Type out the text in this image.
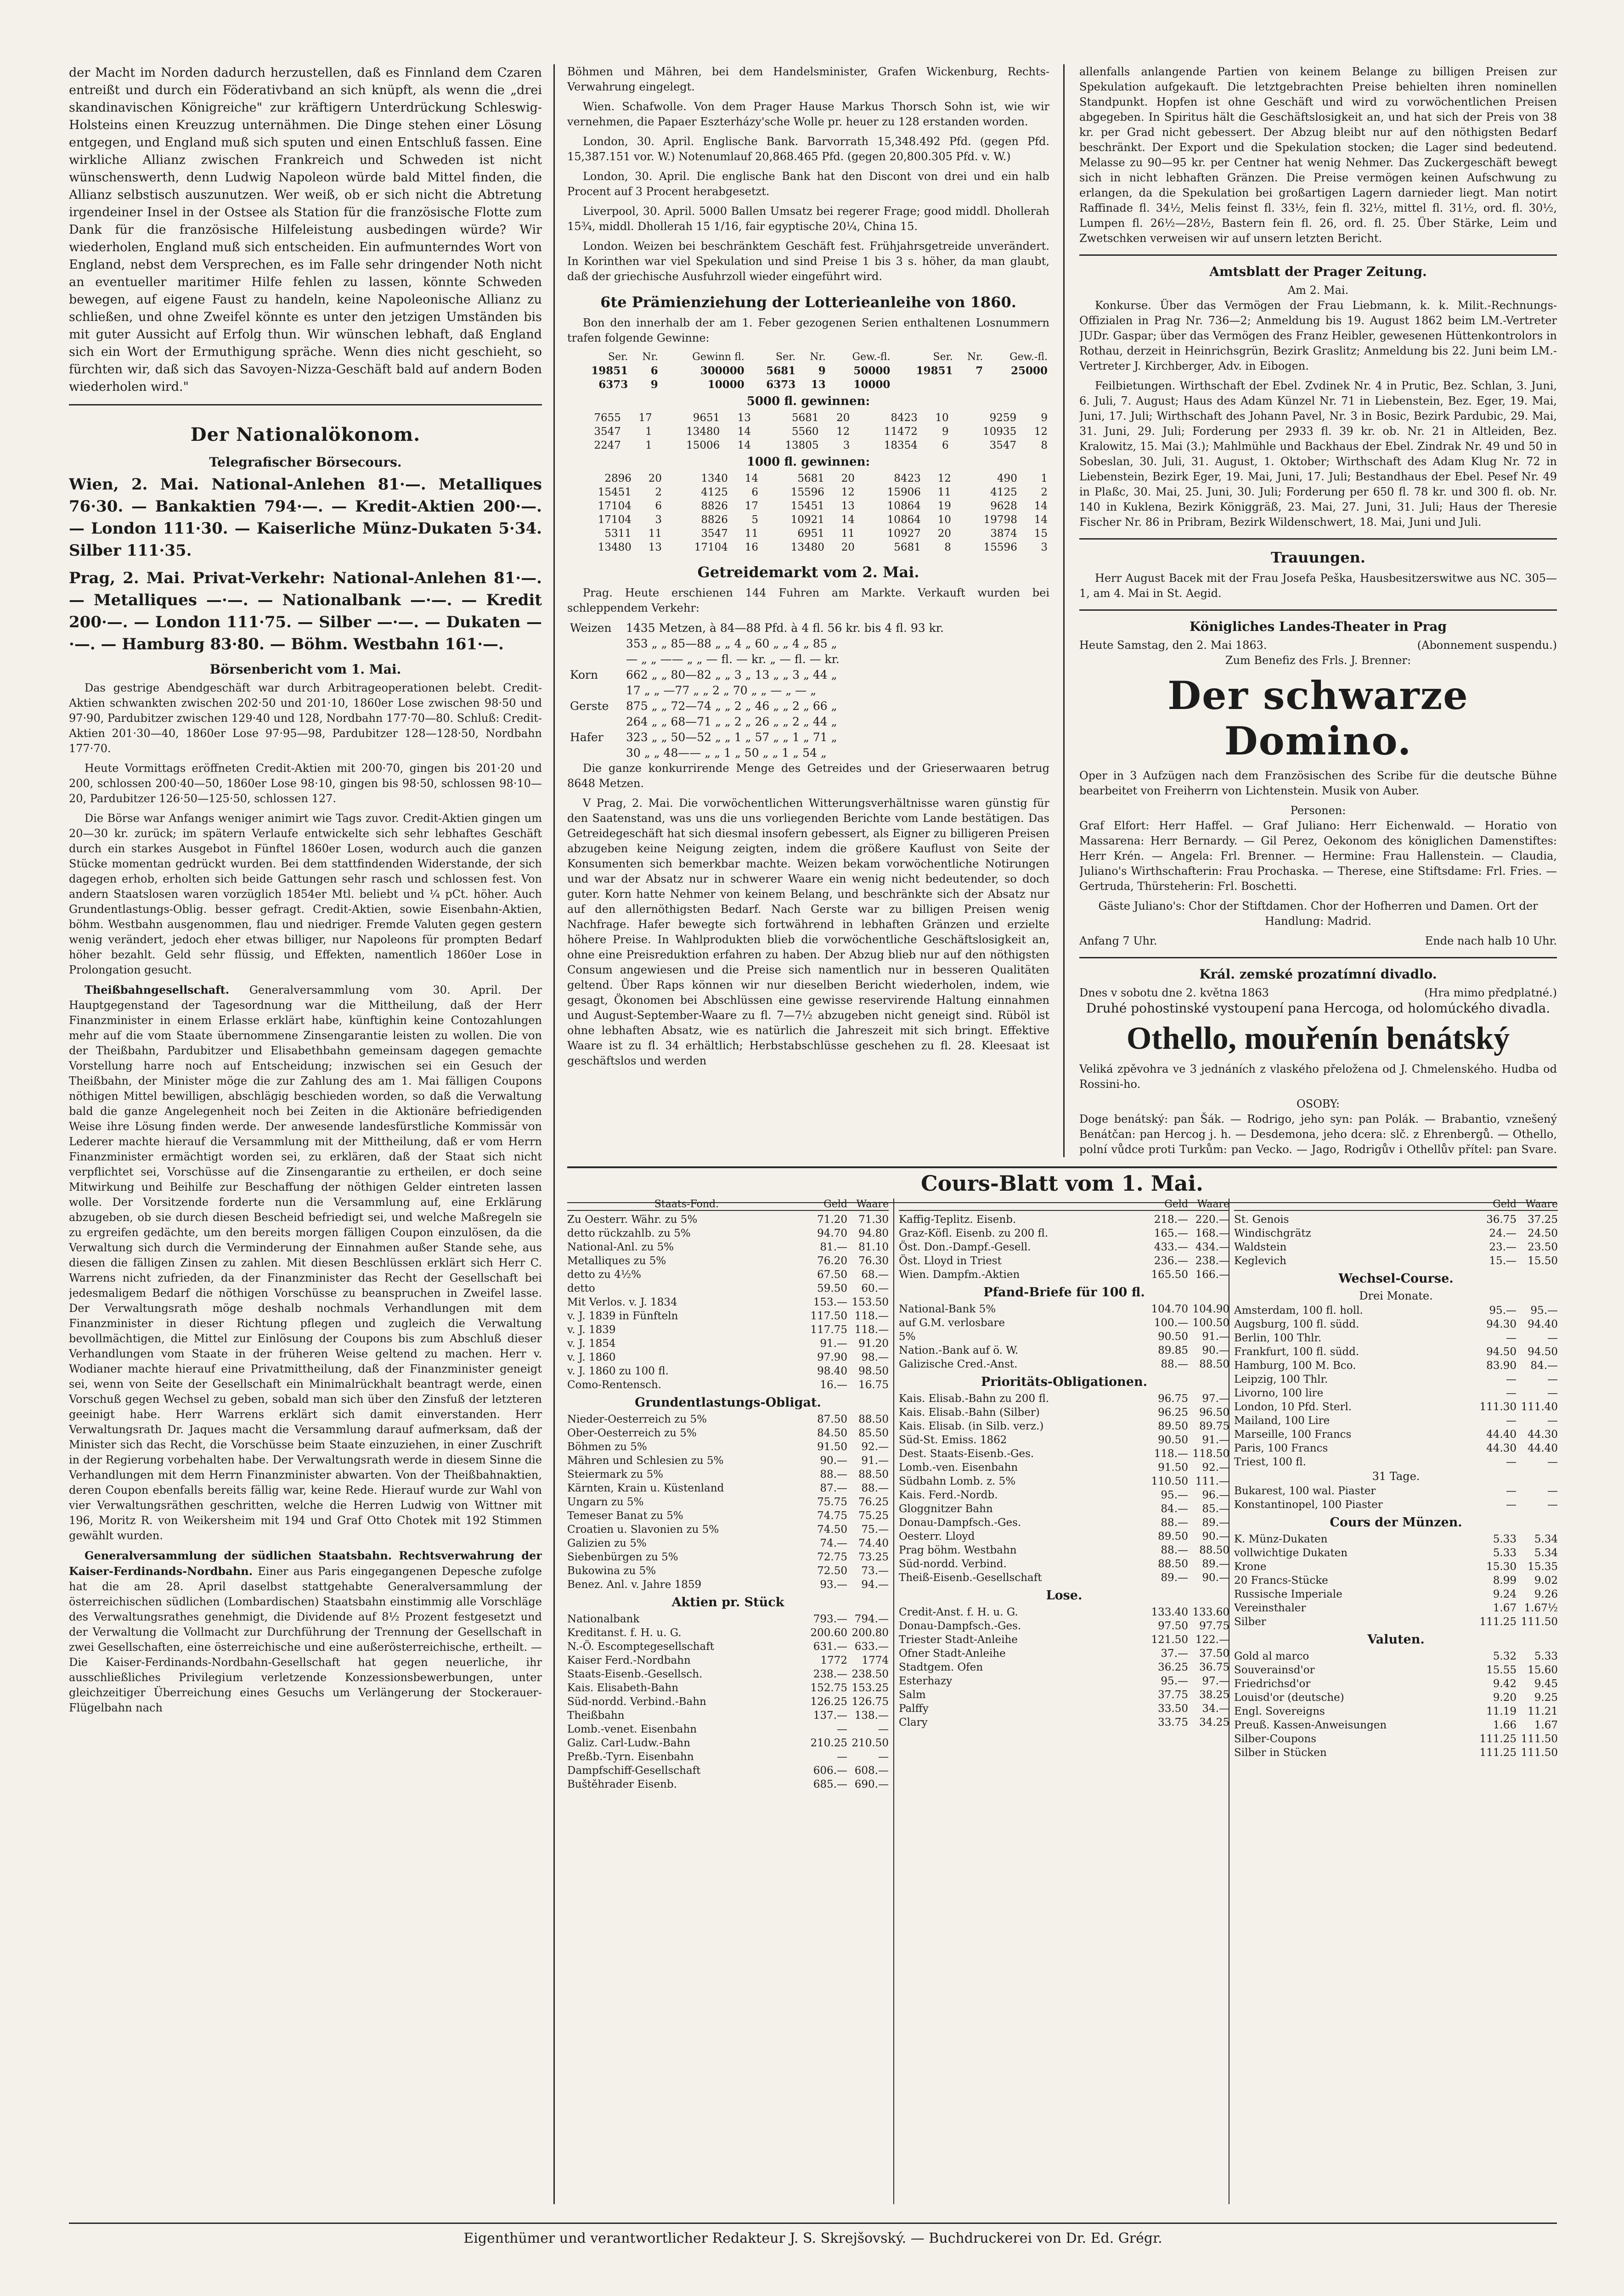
der Macht im Norden dadurch herzustellen, daß es Finnland dem Czaren entreißt und durch ein Föderativband an sich knüpft, als wenn die „drei skandinavischen Königreiche" zur kräftigern Unterdrückung Schleswig-Holsteins einen Kreuzzug unternähmen. Die Dinge stehen einer Lösung entgegen, und England muß sich sputen und einen Entschluß fassen. Eine wirkliche Allianz zwischen Frankreich und Schweden ist nicht wünschenswerth, denn Ludwig Napoleon würde bald Mittel finden, die Allianz selbstisch auszunutzen. Wer weiß, ob er sich nicht die Abtretung irgendeiner Insel in der Ostsee als Station für die französische Flotte zum Dank für die französische Hilfeleistung ausbedingen würde? Wir wiederholen, England muß sich entscheiden. Ein aufmunterndes Wort von England, nebst dem Versprechen, es im Falle sehr dringender Noth nicht an eventueller maritimer Hilfe fehlen zu lassen, könnte Schweden bewegen, auf eigene Faust zu handeln, keine Napoleonische Allianz zu schließen, und ohne Zweifel könnte es unter den jetzigen Umständen bis mit guter Aussicht auf Erfolg thun. Wir wünschen lebhaft, daß England sich ein Wort der Ermuthigung spräche. Wenn dies nicht geschieht, so fürchten wir, daß sich das Savoyen-Nizza-Geschäft bald auf andern Boden wiederholen wird."

Der Nationalökonom.
Telegrafischer Börsecours.

Wien, 2. Mai. National-Anlehen 81·—. Metalliques 76·30. — Bankaktien 794·—. — Kredit-Aktien 200·—. — London 111·30. — Kaiserliche Münz-Dukaten 5·34. Silber 111·35.

Prag, 2. Mai. Privat-Verkehr: National-Anlehen 81·—. — Metalliques —·—. — Nationalbank —·—. — Kredit 200·—. — London 111·75. — Silber —·—. — Dukaten —·—. — Hamburg 83·80. — Böhm. Westbahn 161·—.

Börsenbericht vom 1. Mai.

Das gestrige Abendgeschäft war durch Arbitrageoperationen belebt. Credit-Aktien schwankten zwischen 202·50 und 201·10, 1860er Lose zwischen 98·50 und 97·90, Pardubitzer zwischen 129·40 und 128, Nordbahn 177·70—80. Schluß: Credit-Aktien 201·30—40, 1860er Lose 97·95—98, Pardubitzer 128—128·50, Nordbahn 177·70.

Heute Vormittags eröffneten Credit-Aktien mit 200·70, gingen bis 201·20 und 200, schlossen 200·40—50, 1860er Lose 98·10, gingen bis 98·50, schlossen 98·10—20, Pardubitzer 126·50—125·50, schlossen 127.

Die Börse war Anfangs weniger animirt wie Tags zuvor. Credit-Aktien gingen um 20—30 kr. zurück; im spätern Verlaufe entwickelte sich sehr lebhaftes Geschäft durch ein starkes Ausgebot in Fünftel 1860er Losen, wodurch auch die ganzen Stücke momentan gedrückt wurden. Bei dem stattfindenden Widerstande, der sich dagegen erhob, erholten sich beide Gattungen sehr rasch und schlossen fest. Von andern Staatslosen waren vorzüglich 1854er Mtl. beliebt und ¼ pCt. höher. Auch Grundentlastungs-Oblig. besser gefragt. Credit-Aktien, sowie Eisenbahn-Aktien, böhm. Westbahn ausgenommen, flau und niedriger. Fremde Valuten gegen gestern wenig verändert, jedoch eher etwas billiger, nur Napoleons für prompten Bedarf höher bezahlt. Geld sehr flüssig, und Effekten, namentlich 1860er Lose in Prolongation gesucht.

Theißbahngesellschaft. Generalversammlung vom 30. April. Der Hauptgegenstand der Tagesordnung war die Mittheilung, daß der Herr Finanzminister in einem Erlasse erklärt habe, künftighin keine Contozahlungen mehr auf die vom Staate übernommene Zinsengarantie leisten zu wollen. Die von der Theißbahn, Pardubitzer und Elisabethbahn gemeinsam dagegen gemachte Vorstellung harre noch auf Entscheidung; inzwischen sei ein Gesuch der Theißbahn, der Minister möge die zur Zahlung des am 1. Mai fälligen Coupons nöthigen Mittel bewilligen, abschlägig beschieden worden, so daß die Verwaltung bald die ganze Angelegenheit noch bei Zeiten in die Aktionäre befriedigenden Weise ihre Lösung finden werde. Der anwesende landesfürstliche Kommissär von Lederer machte hierauf die Versammlung mit der Mittheilung, daß er vom Herrn Finanzminister ermächtigt worden sei, zu erklären, daß der Staat sich nicht verpflichtet sei, Vorschüsse auf die Zinsengarantie zu ertheilen, er doch seine Mitwirkung und Beihilfe zur Beschaffung der nöthigen Gelder eintreten lassen wolle. Der Vorsitzende forderte nun die Versammlung auf, eine Erklärung abzugeben, ob sie durch diesen Bescheid befriedigt sei, und welche Maßregeln sie zu ergreifen gedächte, um den bereits morgen fälligen Coupon einzulösen, da die Verwaltung sich durch die Verminderung der Einnahmen außer Stande sehe, aus diesen die fälligen Zinsen zu zahlen. Mit diesen Beschlüssen erklärt sich Herr C. Warrens nicht zufrieden, da der Finanzminister das Recht der Gesellschaft bei jedesmaligem Bedarf die nöthigen Vorschüsse zu beanspruchen in Zweifel lasse. Der Verwaltungsrath möge deshalb nochmals Verhandlungen mit dem Finanzminister in dieser Richtung pflegen und zugleich die Verwaltung bevollmächtigen, die Mittel zur Einlösung der Coupons bis zum Abschluß dieser Verhandlungen vom Staate in der früheren Weise geltend zu machen. Herr v. Wodianer machte hierauf eine Privatmittheilung, daß der Finanzminister geneigt sei, wenn von Seite der Gesellschaft ein Minimalrückhalt beantragt werde, einen Vorschuß gegen Wechsel zu geben, sobald man sich über den Zinsfuß der letzteren geeinigt habe. Herr Warrens erklärt sich damit einverstanden. Herr Verwaltungsrath Dr. Jaques macht die Versammlung darauf aufmerksam, daß der Minister sich das Recht, die Vorschüsse beim Staate einzuziehen, in einer Zuschrift in der Regierung vorbehalten habe. Der Verwaltungsrath werde in diesem Sinne die Verhandlungen mit dem Herrn Finanzminister abwarten. Von der Theißbahnaktien, deren Coupon ebenfalls bereits fällig war, keine Rede. Hierauf wurde zur Wahl von vier Verwaltungsräthen geschritten, welche die Herren Ludwig von Wittner mit 196, Moritz R. von Weikersheim mit 194 und Graf Otto Chotek mit 192 Stimmen gewählt wurden.

Generalversammlung der südlichen Staatsbahn. Rechtsverwahrung der Kaiser-Ferdinands-Nordbahn. Einer aus Paris eingegangenen Depesche zufolge hat die am 28. April daselbst stattgehabte Generalversammlung der österreichischen südlichen (Lombardischen) Staatsbahn einstimmig alle Vorschläge des Verwaltungsrathes genehmigt, die Dividende auf 8½ Prozent festgesetzt und der Verwaltung die Vollmacht zur Durchführung der Trennung der Gesellschaft in zwei Gesellschaften, eine österreichische und eine außerösterreichische, ertheilt. — Die Kaiser-Ferdinands-Nordbahn-Gesellschaft hat gegen neuerliche, ihr ausschließliches Privilegium verletzende Konzessionsbewerbungen, unter gleichzeitiger Überreichung eines Gesuchs um Verlängerung der Stockerauer-Flügelbahn nach

Böhmen und Mähren, bei dem Handelsminister, Grafen Wickenburg, Rechts-Verwahrung eingelegt.

Wien. Schafwolle. Von dem Prager Hause Markus Thorsch Sohn ist, wie wir vernehmen, die Papaer Eszterházy'sche Wolle pr. heuer zu 128 erstanden worden.

London, 30. April. Englische Bank. Barvorrath 15,348.492 Pfd. (gegen Pfd. 15,387.151 vor. W.) Notenumlauf 20,868.465 Pfd. (gegen 20,800.305 Pfd. v. W.)

London, 30. April. Die englische Bank hat den Discont von drei und ein halb Procent auf 3 Procent herabgesetzt.

Liverpool, 30. April. 5000 Ballen Umsatz bei regerer Frage; good middl. Dhollerah 15¾, middl. Dhollerah 15 1/16, fair egyptische 20¼, China 15.

London. Weizen bei beschränktem Geschäft fest. Frühjahrsgetreide unverändert. In Korinthen war viel Spekulation und sind Preise 1 bis 3 s. höher, da man glaubt, daß der griechische Ausfuhrzoll wieder eingeführt wird.

6te Prämienziehung der Lotterieanleihe von 1860.

Bon den innerhalb der am 1. Feber gezogenen Serien enthaltenen Losnummern trafen folgende Gewinne:

Ser.	Nr.	Gewinn fl.	Ser.	Nr.	Gew.-fl.	Ser.	Nr.	Gew.-fl.
19851	6	300000	5681	9	50000	19851	7	25000
6373	9	10000	6373	13	10000			
5000 fl. gewinnen:
7655	17	9651	13	5681	20	8423	10	9259	9
3547	1	13480	14	5560	12	11472	9	10935	12
2247	1	15006	14	13805	3	18354	6	3547	8
1000 fl. gewinnen:
2896	20	1340	14	5681	20	8423	12	490	1
15451	2	4125	6	15596	12	15906	11	4125	2
17104	6	8826	17	15451	13	10864	19	9628	14
17104	3	8826	5	10921	14	10864	10	19798	14
5311	11	3547	11	6951	11	10927	20	3874	15
13480	13	17104	16	13480	20	5681	8	15596	3
Getreidemarkt vom 2. Mai.

Prag. Heute erschienen 144 Fuhren am Markte. Verkauft wurden bei schleppendem Verkehr:

Weizen	1435 Metzen, à 84—88 Pfd. à 4 fl. 56 kr. bis 4 fl. 93 kr.
	353 „ „ 85—88 „ „ 4 „ 60 „ „ 4 „ 85 „
	— „ „ —— „ „ — fl. — kr. „ — fl. — kr.
Korn	662 „ „ 80—82 „ „ 3 „ 13 „ „ 3 „ 44 „
	17 „ „ —77 „ „ 2 „ 70 „ „ — „ — „
Gerste	875 „ „ 72—74 „ „ 2 „ 46 „ „ 2 „ 66 „
	264 „ „ 68—71 „ „ 2 „ 26 „ „ 2 „ 44 „
Hafer	323 „ „ 50—52 „ „ 1 „ 57 „ „ 1 „ 71 „
	30 „ „ 48—— „ „ 1 „ 50 „ „ 1 „ 54 „

Die ganze konkurrirende Menge des Getreides und der Grieserwaaren betrug 8648 Metzen.

V Prag, 2. Mai. Die vorwöchentlichen Witterungsverhältnisse waren günstig für den Saatenstand, was uns die uns vorliegenden Berichte vom Lande bestätigen. Das Getreidegeschäft hat sich diesmal insofern gebessert, als Eigner zu billigeren Preisen abzugeben keine Neigung zeigten, indem die größere Kauflust von Seite der Konsumenten sich bemerkbar machte. Weizen bekam vorwöchentliche Notirungen und war der Absatz nur in schwerer Waare ein wenig nicht bedeutender, so doch guter. Korn hatte Nehmer von keinem Belang, und beschränkte sich der Absatz nur auf den allernöthigsten Bedarf. Nach Gerste war zu billigen Preisen wenig Nachfrage. Hafer bewegte sich fortwährend in lebhaften Gränzen und erzielte höhere Preise. In Wahlprodukten blieb die vorwöchentliche Geschäftslosigkeit an, ohne eine Preisreduktion erfahren zu haben. Der Abzug blieb nur auf den nöthigsten Consum angewiesen und die Preise sich namentlich nur in besseren Qualitäten geltend. Über Raps können wir nur dieselben Bericht wiederholen, indem, wie gesagt, Ökonomen bei Abschlüssen eine gewisse reservirende Haltung einnahmen und August-September-Waare zu fl. 7—7½ abzugeben nicht geneigt sind. Rüböl ist ohne lebhaften Absatz, wie es natürlich die Jahreszeit mit sich bringt. Effektive Waare ist zu fl. 34 erhältlich; Herbstabschlüsse geschehen zu fl. 28. Kleesaat ist geschäftslos und werden

allenfalls anlangende Partien von keinem Belange zu billigen Preisen zur Spekulation aufgekauft. Die letztgebrachten Preise behielten ihren nominellen Standpunkt. Hopfen ist ohne Geschäft und wird zu vorwöchentlichen Preisen abgegeben. In Spiritus hält die Geschäftslosigkeit an, und hat sich der Preis von 38 kr. per Grad nicht gebessert. Der Abzug bleibt nur auf den nöthigsten Bedarf beschränkt. Der Export und die Spekulation stocken; die Lager sind bedeutend. Melasse zu 90—95 kr. per Centner hat wenig Nehmer. Das Zuckergeschäft bewegt sich in nicht lebhaften Gränzen. Die Preise vermögen keinen Aufschwung zu erlangen, da die Spekulation bei großartigen Lagern darnieder liegt. Man notirt Raffinade fl. 34½, Melis feinst fl. 33½, fein fl. 32½, mittel fl. 31½, ord. fl. 30½, Lumpen fl. 26½—28½, Bastern fein fl. 26, ord. fl. 25. Über Stärke, Leim und Zwetschken verweisen wir auf unsern letzten Bericht.

Amtsblatt der Prager Zeitung.
Am 2. Mai.

Konkurse. Über das Vermögen der Frau Liebmann, k. k. Milit.-Rechnungs-Offizialen in Prag Nr. 736—2; Anmeldung bis 19. August 1862 beim LM.-Vertreter JUDr. Gaspar; über das Vermögen des Franz Heibler, gewesenen Hüttenkontrolors in Rothau, derzeit in Heinrichsgrün, Bezirk Graslitz; Anmeldung bis 22. Juni beim LM.-Vertreter J. Kirchberger, Adv. in Eibogen.

Feilbietungen. Wirthschaft der Ebel. Zvdinek Nr. 4 in Prutic, Bez. Schlan, 3. Juni, 6. Juli, 7. August; Haus des Adam Künzel Nr. 71 in Liebenstein, Bez. Eger, 19. Mai, Juni, 17. Juli; Wirthschaft des Johann Pavel, Nr. 3 in Bosic, Bezirk Pardubic, 29. Mai, 31. Juni, 29. Juli; Forderung per 2933 fl. 39 kr. ob. Nr. 21 in Altleiden, Bez. Kralowitz, 15. Mai (3.); Mahlmühle und Backhaus der Ebel. Zindrak Nr. 49 und 50 in Sobeslan, 30. Juli, 31. August, 1. Oktober; Wirthschaft des Adam Klug Nr. 72 in Liebenstein, Bezirk Eger, 19. Mai, Juni, 17. Juli; Bestandhaus der Ebel. Pesef Nr. 49 in Plaßc, 30. Mai, 25. Juni, 30. Juli; Forderung per 650 fl. 78 kr. und 300 fl. ob. Nr. 140 in Kuklena, Bezirk Königgräß, 23. Mai, 27. Juni, 31. Juli; Haus der Theresie Fischer Nr. 86 in Pribram, Bezirk Wildenschwert, 18. Mai, Juni und Juli.

Trauungen.

Herr August Bacek mit der Frau Josefa Peška, Hausbesitzerswitwe aus NC. 305—1, am 4. Mai in St. Aegid.

Königliches Landes-Theater in Prag
Heute Samstag, den 2. Mai 1863.	(Abonnement suspendu.)
Zum Benefiz des Frls. J. Brenner:
Der schwarze Domino.

Oper in 3 Aufzügen nach dem Französischen des Scribe für die deutsche Bühne bearbeitet von Freiherrn von Lichtenstein. Musik von Auber.

Personen:

Graf Elfort: Herr Haffel. — Graf Juliano: Herr Eichenwald. — Horatio von Massarena: Herr Bernardy. — Gil Perez, Oekonom des königlichen Damenstiftes: Herr Krén. — Angela: Frl. Brenner. — Hermine: Frau Hallenstein. — Claudia, Juliano's Wirthschafterin: Frau Prochaska. — Therese, eine Stiftsdame: Frl. Fries. — Gertruda, Thürsteherin: Frl. Boschetti.

Gäste Juliano's: Chor der Stiftdamen. Chor der Hofherren und Damen. Ort der Handlung: Madrid.

Anfang 7 Uhr.	Ende nach halb 10 Uhr.
Král. zemské prozatímní divadlo.
Dnes v sobotu dne 2. května 1863	(Hra mimo předplatné.)
Druhé pohostinské vystoupení pana Hercoga, od holomúckého divadla.
Othello, mouřenín benátský

Veliká zpěvohra ve 3 jednáních z vlaského přeložena od J. Chmelenského. Hudba od Rossini-ho.

OSOBY:

Doge benátský: pan Šák. — Rodrigo, jeho syn: pan Polák. — Brabantio, vznešený Benátčan: pan Hercog j. h. — Desdemona, jeho dcera: slč. z Ehrenbergů. — Othello, polní vůdce proti Turkům: pan Vecko. — Jago, Rodrigův i Othellův přítel: pan Svare.

Cours-Blatt vom 1. Mai.
Staats-Fond.	Geld Waare
Zu Oesterr. Währ. zu 5%	71.20	71.30
detto rückzahlb. zu 5%	94.70	94.80
National-Anl. zu 5%	81.—	81.10
Metalliques zu 5%	76.20	76.30
detto zu 4½%	67.50	68.—
detto	59.50	60.—
Mit Verlos. v. J. 1834	153.— 153.50
v. J. 1839 in Fünfteln	117.50 118.—
v. J. 1839	117.75 118.—
v. J. 1854	91.—	91.20
v. J. 1860	97.90	98.—
v. J. 1860 zu 100 fl.	98.40	98.50
Como-Rentensch.	16.—	16.75
Grundentlastungs-Obligat.
Nieder-Oesterreich zu 5%	87.50	88.50
Ober-Oesterreich zu 5%	84.50	85.50
Böhmen zu 5%	91.50	92.—
Mähren und Schlesien zu 5%	90.—	91.—
Steiermark zu 5%	88.—	88.50
Kärnten, Krain u. Küstenland	87.—	88.—
Ungarn zu 5%	75.75	76.25
Temeser Banat zu 5%	74.75	75.25
Croatien u. Slavonien zu 5%	74.50	75.—
Galizien zu 5%	74.—	74.40
Siebenbürgen zu 5%	72.75	73.25
Bukowina zu 5%	72.50	73.—
Benez. Anl. v. Jahre 1859	93.—	94.—
Aktien pr. Stück
Nationalbank	793.— 794.—
Kreditanst. f. H. u. G.	200.60 200.80
N.-Ö. Escomptegesellschaft	631.— 633.—
Kaiser Ferd.-Nordbahn	1772	1774
Staats-Eisenb.-Gesellsch.	238.— 238.50
Kais. Elisabeth-Bahn	152.75 153.25
Süd-nordd. Verbind.-Bahn	126.25 126.75
Theißbahn	137.— 138.—
Lomb.-venet. Eisenbahn	—	—
Galiz. Carl-Ludw.-Bahn	210.25 210.50
Preßb.-Tyrn. Eisenbahn	—	—
Dampfschiff-Gesellschaft	606.— 608.—
Buštěhrader Eisenb.	685.— 690.—
Geld Waare
Kaffig-Teplitz. Eisenb.	218.— 220.—
Graz-Köfl. Eisenb. zu 200 fl.	165.— 168.—
Öst. Don.-Dampf.-Gesell.	433.— 434.—
Öst. Lloyd in Triest	236.— 238.—
Wien. Dampfm.-Aktien	165.50 166.—
Pfand-Briefe für 100 fl.
National-Bank 5%	104.70 104.90
auf G.M. verlosbare	100.— 100.50
5%	90.50	91.—
Nation.-Bank auf ö. W.	89.85	90.—
Galizische Cred.-Anst.	88.—	88.50
Prioritäts-Obligationen.
Kais. Elisab.-Bahn zu 200 fl.	96.75	97.—
Kais. Elisab.-Bahn (Silber)	96.25	96.50
Kais. Elisab. (in Silb. verz.)	89.50	89.75
Süd-St. Emiss. 1862	90.50	91.—
Dest. Staats-Eisenb.-Ges.	118.— 118.50
Lomb.-ven. Eisenbahn	91.50	92.—
Südbahn Lomb. z. 5%	110.50 111.—
Kais. Ferd.-Nordb.	95.—	96.—
Gloggnitzer Bahn	84.—	85.—
Donau-Dampfsch.-Ges.	88.—	89.—
Oesterr. Lloyd	89.50	90.—
Prag böhm. Westbahn	88.—	88.50
Süd-nordd. Verbind.	88.50	89.—
Theiß-Eisenb.-Gesellschaft	89.—	90.—
Lose.
Credit-Anst. f. H. u. G.	133.40 133.60
Donau-Dampfsch.-Ges.	97.50	97.75
Triester Stadt-Anleihe	121.50 122.—
Ofner Stadt-Anleihe	37.—	37.50
Stadtgem. Ofen	36.25	36.75
Esterhazy	95.—	97.—
Salm	37.75	38.25
Palffy	33.50	34.—
Clary	33.75	34.25
Geld Waare
St. Genois	36.75	37.25
Windischgrätz	24.—	24.50
Waldstein	23.—	23.50
Keglevich	15.—	15.50
Wechsel-Course.
Drei Monate.
Amsterdam, 100 fl. holl.	95.—	95.—
Augsburg, 100 fl. südd.	94.30	94.40
Berlin, 100 Thlr.	—	—
Frankfurt, 100 fl. südd.	94.50	94.50
Hamburg, 100 M. Bco.	83.90	84.—
Leipzig, 100 Thlr.	—	—
Livorno, 100 lire	—	—
London, 10 Pfd. Sterl.	111.30 111.40
Mailand, 100 Lire	—	—
Marseille, 100 Francs	44.40	44.30
Paris, 100 Francs	44.30	44.40
Triest, 100 fl.	—	—
31 Tage.
Bukarest, 100 wal. Piaster	—	—
Konstantinopel, 100 Piaster	—	—
Cours der Münzen.
K. Münz-Dukaten	5.33	5.34
vollwichtige Dukaten	5.33	5.34
Krone	15.30	15.35
20 Francs-Stücke	8.99	9.02
Russische Imperiale	9.24	9.26
Vereinsthaler	1.67 1.67½
Silber	111.25 111.50
Valuten.
Gold al marco	5.32	5.33
Souverainsd'or	15.55	15.60
Friedrichsd'or	9.42	9.45
Louisd'or (deutsche)	9.20	9.25
Engl. Sovereigns	11.19	11.21
Preuß. Kassen-Anweisungen	1.66	1.67
Silber-Coupons	111.25 111.50
Silber in Stücken	111.25 111.50
Eigenthümer und verantwortlicher Redakteur J. S. Skrejšovský. — Buchdruckerei von Dr. Ed. Grégr.
